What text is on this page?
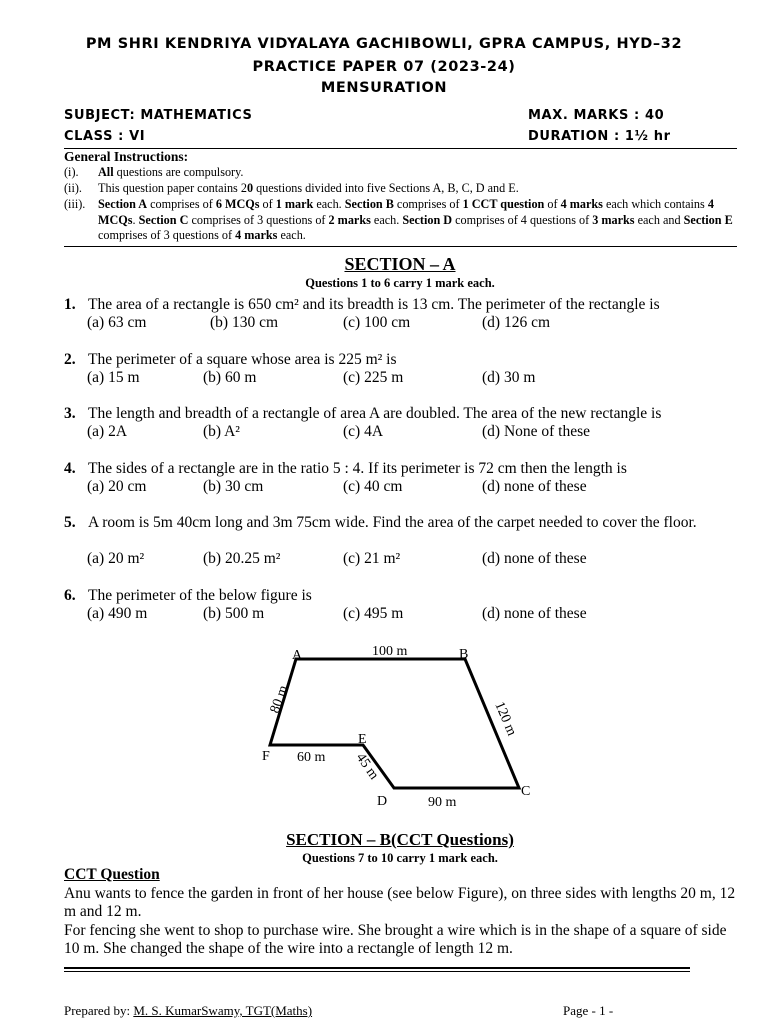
PM SHRI KENDRIYA VIDYALAYA GACHIBOWLI, GPRA CAMPUS, HYD–32
PRACTICE PAPER 07 (2023-24)
MENSURATION
SUBJECT: MATHEMATICS	MAX. MARKS : 40
CLASS : VI	DURATION : 1½ hr
General Instructions:
(i). All questions are compulsory.
(ii). This question paper contains 20 questions divided into five Sections A, B, C, D and E.
(iii). Section A comprises of 6 MCQs of 1 mark each. Section B comprises of 1 CCT question of 4 marks each which contains 4 MCQs. Section C comprises of 3 questions of 2 marks each. Section D comprises of 4 questions of 3 marks each and Section E comprises of 3 questions of 4 marks each.
SECTION – A
Questions 1 to 6 carry 1 mark each.
1. The area of a rectangle is 650 cm² and its breadth is 13 cm. The perimeter of the rectangle is
(a) 63 cm	(b) 130 cm	(c) 100 cm	(d) 126 cm
2. The perimeter of a square whose area is 225 m² is
(a) 15 m	(b) 60 m	(c) 225 m	(d) 30 m
3. The length and breadth of a rectangle of area A are doubled. The area of the new rectangle is
(a) 2A	(b) A²	(c) 4A	(d) None of these
4. The sides of a rectangle are in the ratio 5 : 4. If its perimeter is 72 cm then the length is
(a) 20 cm	(b) 30 cm	(c) 40 cm	(d) none of these
5. A room is 5m 40cm long and 3m 75cm wide. Find the area of the carpet needed to cover the floor.
(a) 20 m²	(b) 20.25 m²	(c) 21 m²	(d) none of these
6. The perimeter of the below figure is
(a) 490 m	(b) 500 m	(c) 495 m	(d) none of these
A	B
C
D
E
F
100 m
90 m
60 m
80 m
120 m
45 m
SECTION – B(CCT Questions)
Questions 7 to 10 carry 1 mark each.
CCT Question
Anu wants to fence the garden in front of her house (see below Figure), on three sides with lengths 20 m, 12 m and 12 m.
For fencing she went to shop to purchase wire. She brought a wire which is in the shape of a square of side 10 m. She changed the shape of the wire into a rectangle of length 12 m.
Prepared by: M. S. KumarSwamy, TGT(Maths)	Page - 1 -
